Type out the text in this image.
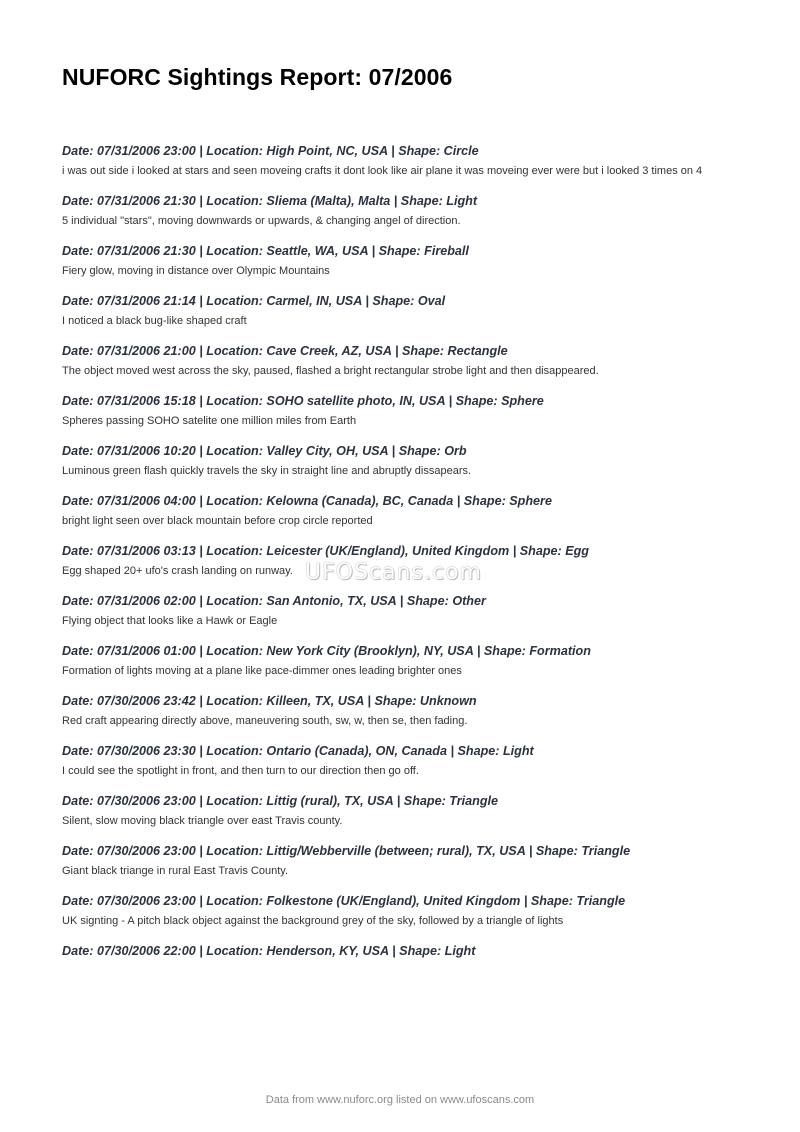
NUFORC Sightings Report: 07/2006
Date: 07/31/2006 23:00 | Location: High Point, NC, USA | Shape: Circle
i was out side i looked at stars and seen moveing crafts it dont look like air plane it was moveing ever were but i looked 3 times on 4
Date: 07/31/2006 21:30 | Location: Sliema (Malta), Malta | Shape: Light
5 individual "stars", moving downwards or upwards, & changing angel of direction.
Date: 07/31/2006 21:30 | Location: Seattle, WA, USA | Shape: Fireball
Fiery glow, moving in distance over Olympic Mountains
Date: 07/31/2006 21:14 | Location: Carmel, IN, USA | Shape: Oval
I noticed a black bug-like shaped craft
Date: 07/31/2006 21:00 | Location: Cave Creek, AZ, USA | Shape: Rectangle
The object moved west across the sky, paused, flashed a bright rectangular strobe light and then disappeared.
Date: 07/31/2006 15:18 | Location: SOHO satellite photo, IN, USA | Shape: Sphere
Spheres passing SOHO satelite one million miles from Earth
Date: 07/31/2006 10:20 | Location: Valley City, OH, USA | Shape: Orb
Luminous green flash quickly travels the sky in straight line and abruptly dissapears.
Date: 07/31/2006 04:00 | Location: Kelowna (Canada), BC, Canada | Shape: Sphere
bright light seen over black mountain before crop circle reported
Date: 07/31/2006 03:13 | Location: Leicester (UK/England), United Kingdom | Shape: Egg
Egg shaped 20+ ufo's crash landing on runway.
Date: 07/31/2006 02:00 | Location: San Antonio, TX, USA | Shape: Other
Flying object that looks like a Hawk or Eagle
Date: 07/31/2006 01:00 | Location: New York City (Brooklyn), NY, USA | Shape: Formation
Formation of lights moving at a plane like pace-dimmer ones leading brighter ones
Date: 07/30/2006 23:42 | Location: Killeen, TX, USA | Shape: Unknown
Red craft appearing directly above, maneuvering south, sw, w, then se, then fading.
Date: 07/30/2006 23:30 | Location: Ontario (Canada), ON, Canada | Shape: Light
I could see the spotlight in front, and then turn to our direction then go off.
Date: 07/30/2006 23:00 | Location: Littig (rural), TX, USA | Shape: Triangle
Silent, slow moving black triangle over east Travis county.
Date: 07/30/2006 23:00 | Location: Littig/Webberville (between; rural), TX, USA | Shape: Triangle
Giant black triange in rural East Travis County.
Date: 07/30/2006 23:00 | Location: Folkestone (UK/England), United Kingdom | Shape: Triangle
UK signting - A pitch black object against the background grey of the sky, followed by a triangle of lights
Date: 07/30/2006 22:00 | Location: Henderson, KY, USA | Shape: Light
UFOScans.com
Data from www.nuforc.org listed on www.ufoscans.com
